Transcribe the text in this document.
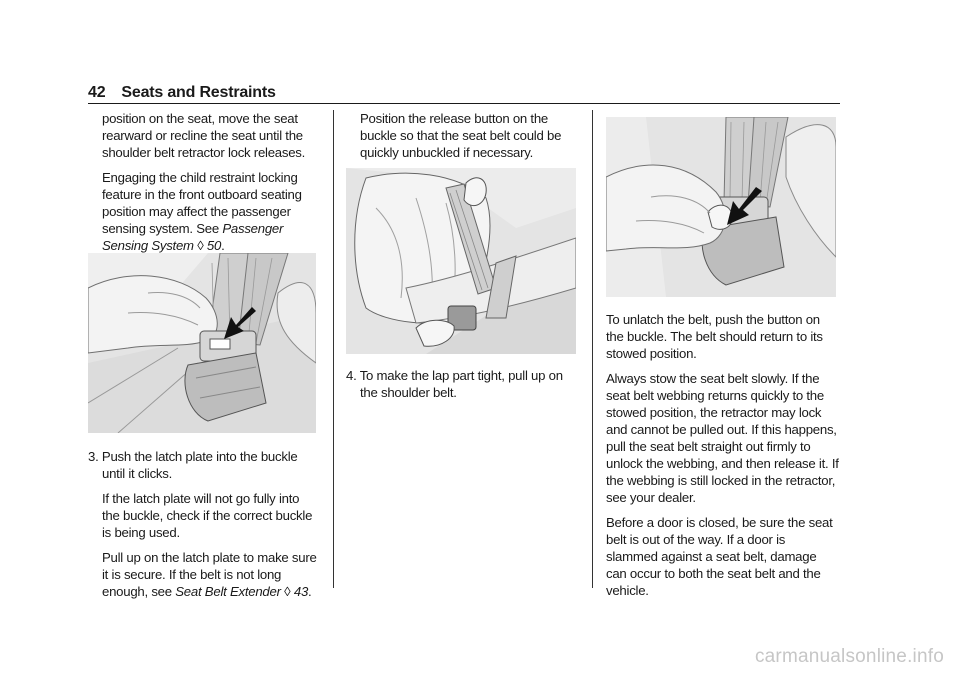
42 Seats and Restraints

position on the seat, move the seat rearward or recline the seat until the shoulder belt retractor lock releases.

Engaging the child restraint locking feature in the front outboard seating position may affect the passenger sensing system. See Passenger Sensing System ◊ 50.

3. Push the latch plate into the buckle until it clicks.

If the latch plate will not go fully into the buckle, check if the correct buckle is being used.

Pull up on the latch plate to make sure it is secure. If the belt is not long enough, see Seat Belt Extender ◊ 43.

Position the release button on the buckle so that the seat belt could be quickly unbuckled if necessary.

4. To make the lap part tight, pull up on the shoulder belt.

To unlatch the belt, push the button on the buckle. The belt should return to its stowed position.

Always stow the seat belt slowly. If the seat belt webbing returns quickly to the stowed position, the retractor may lock and cannot be pulled out. If this happens, pull the seat belt straight out firmly to unlock the webbing, and then release it. If the webbing is still locked in the retractor, see your dealer.

Before a door is closed, be sure the seat belt is out of the way. If a door is slammed against a seat belt, damage can occur to both the seat belt and the vehicle.

carmanualsonline.info
